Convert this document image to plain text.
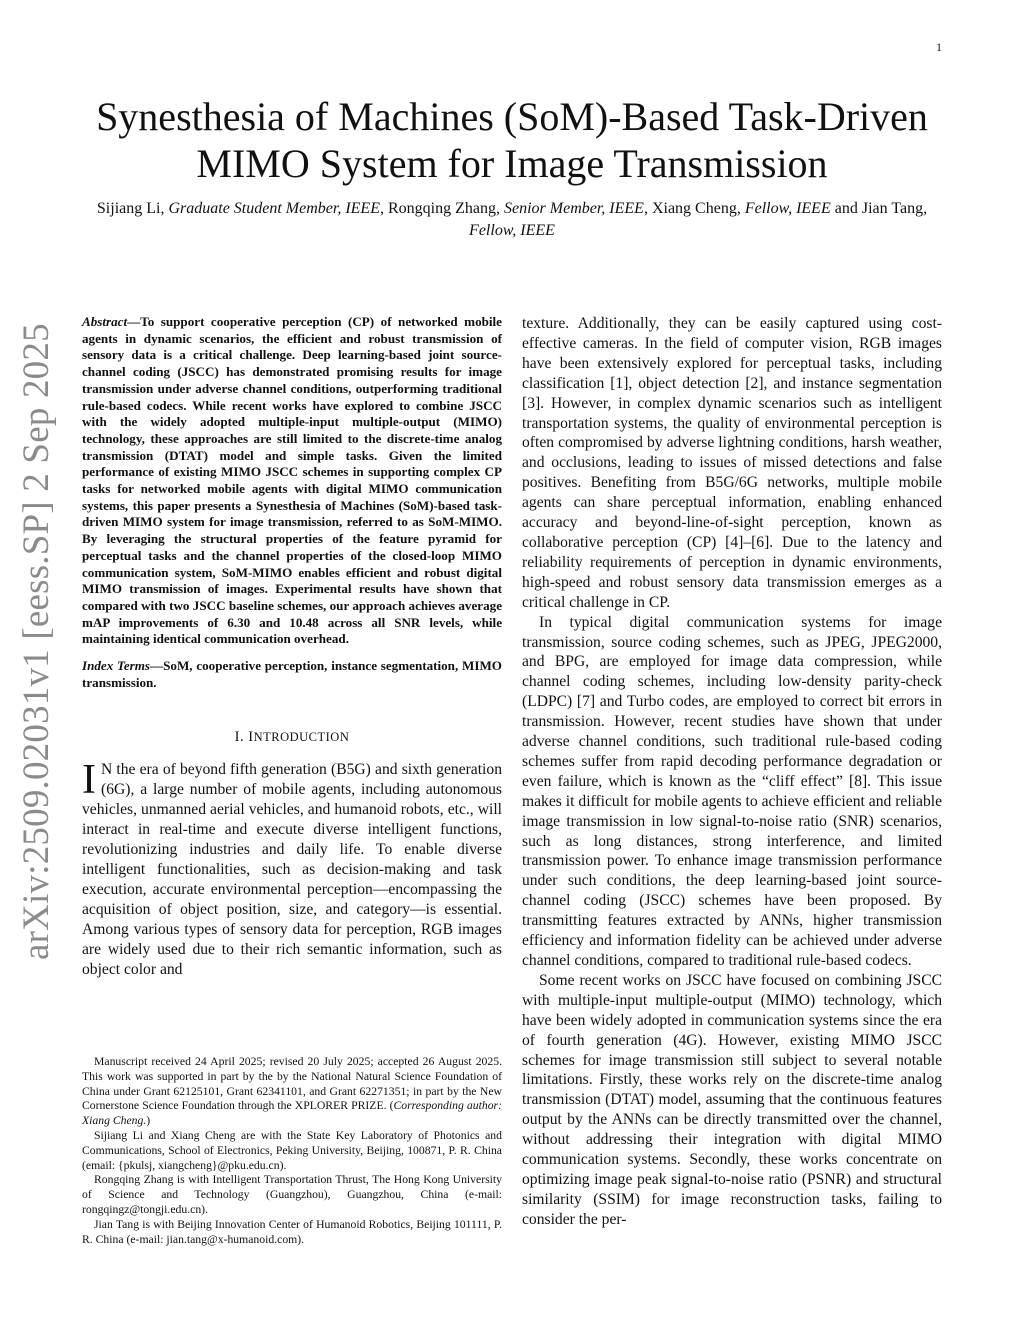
1
arXiv:2509.02031v1 [eess.SP] 2 Sep 2025
Synesthesia of Machines (SoM)-Based Task-Driven MIMO System for Image Transmission
Sijiang Li, Graduate Student Member, IEEE, Rongqing Zhang, Senior Member, IEEE, Xiang Cheng, Fellow, IEEE and Jian Tang, Fellow, IEEE

Abstract—To support cooperative perception (CP) of networked mobile agents in dynamic scenarios, the efficient and robust transmission of sensory data is a critical challenge. Deep learning-based joint source-channel coding (JSCC) has demonstrated promising results for image transmission under adverse channel conditions, outperforming traditional rule-based codecs. While recent works have explored to combine JSCC with the widely adopted multiple-input multiple-output (MIMO) technology, these approaches are still limited to the discrete-time analog transmission (DTAT) model and simple tasks. Given the limited performance of existing MIMO JSCC schemes in supporting complex CP tasks for networked mobile agents with digital MIMO communication systems, this paper presents a Synesthesia of Machines (SoM)-based task-driven MIMO system for image transmission, referred to as SoM-MIMO. By leveraging the structural properties of the feature pyramid for perceptual tasks and the channel properties of the closed-loop MIMO communication system, SoM-MIMO enables efficient and robust digital MIMO transmission of images. Experimental results have shown that compared with two JSCC baseline schemes, our approach achieves average mAP improvements of 6.30 and 10.48 across all SNR levels, while maintaining identical communication overhead.

Index Terms—SoM, cooperative perception, instance segmentation, MIMO transmission.

I. INTRODUCTION

I N the era of beyond fifth generation (B5G) and sixth generation (6G), a large number of mobile agents, including autonomous vehicles, unmanned aerial vehicles, and humanoid robots, etc., will interact in real-time and execute diverse intelligent functions, revolutionizing industries and daily life. To enable diverse intelligent functionalities, such as decision-making and task execution, accurate environmental perception—encompassing the acquisition of object position, size, and category—is essential. Among various types of sensory data for perception, RGB images are widely used due to their rich semantic information, such as object color and

texture. Additionally, they can be easily captured using cost-effective cameras. In the field of computer vision, RGB images have been extensively explored for perceptual tasks, including classification [1], object detection [2], and instance segmentation [3]. However, in complex dynamic scenarios such as intelligent transportation systems, the quality of environmental perception is often compromised by adverse lightning conditions, harsh weather, and occlusions, leading to issues of missed detections and false positives. Benefiting from B5G/6G networks, multiple mobile agents can share perceptual information, enabling enhanced accuracy and beyond-line-of-sight perception, known as collaborative perception (CP) [4]–[6]. Due to the latency and reliability requirements of perception in dynamic environments, high-speed and robust sensory data transmission emerges as a critical challenge in CP.

In typical digital communication systems for image transmission, source coding schemes, such as JPEG, JPEG2000, and BPG, are employed for image data compression, while channel coding schemes, including low-density parity-check (LDPC) [7] and Turbo codes, are employed to correct bit errors in transmission. However, recent studies have shown that under adverse channel conditions, such traditional rule-based coding schemes suffer from rapid decoding performance degradation or even failure, which is known as the “cliff effect” [8]. This issue makes it difficult for mobile agents to achieve efficient and reliable image transmission in low signal-to-noise ratio (SNR) scenarios, such as long distances, strong interference, and limited transmission power. To enhance image transmission performance under such conditions, the deep learning-based joint source-channel coding (JSCC) schemes have been proposed. By transmitting features extracted by ANNs, higher transmission efficiency and information fidelity can be achieved under adverse channel conditions, compared to traditional rule-based codecs.

Some recent works on JSCC have focused on combining JSCC with multiple-input multiple-output (MIMO) technology, which have been widely adopted in communication systems since the era of fourth generation (4G). However, existing MIMO JSCC schemes for image transmission still subject to several notable limitations. Firstly, these works rely on the discrete-time analog transmission (DTAT) model, assuming that the continuous features output by the ANNs can be directly transmitted over the channel, without addressing their integration with digital MIMO communication systems. Secondly, these works concentrate on optimizing image peak signal-to-noise ratio (PSNR) and structural similarity (SSIM) for image reconstruction tasks, failing to consider the per-

Manuscript received 24 April 2025; revised 20 July 2025; accepted 26 August 2025. This work was supported in part by the by the National Natural Science Foundation of China under Grant 62125101, Grant 62341101, and Grant 62271351; in part by the New Cornerstone Science Foundation through the XPLORER PRIZE. (Corresponding author: Xiang Cheng.)

Sijiang Li and Xiang Cheng are with the State Key Laboratory of Photonics and Communications, School of Electronics, Peking University, Beijing, 100871, P. R. China (email: {pkulsj, xiangcheng}@pku.edu.cn).

Rongqing Zhang is with Intelligent Transportation Thrust, The Hong Kong University of Science and Technology (Guangzhou), Guangzhou, China (e-mail: rongqingz@tongji.edu.cn).

Jian Tang is with Beijing Innovation Center of Humanoid Robotics, Beijing 101111, P. R. China (e-mail: jian.tang@x-humanoid.com).
